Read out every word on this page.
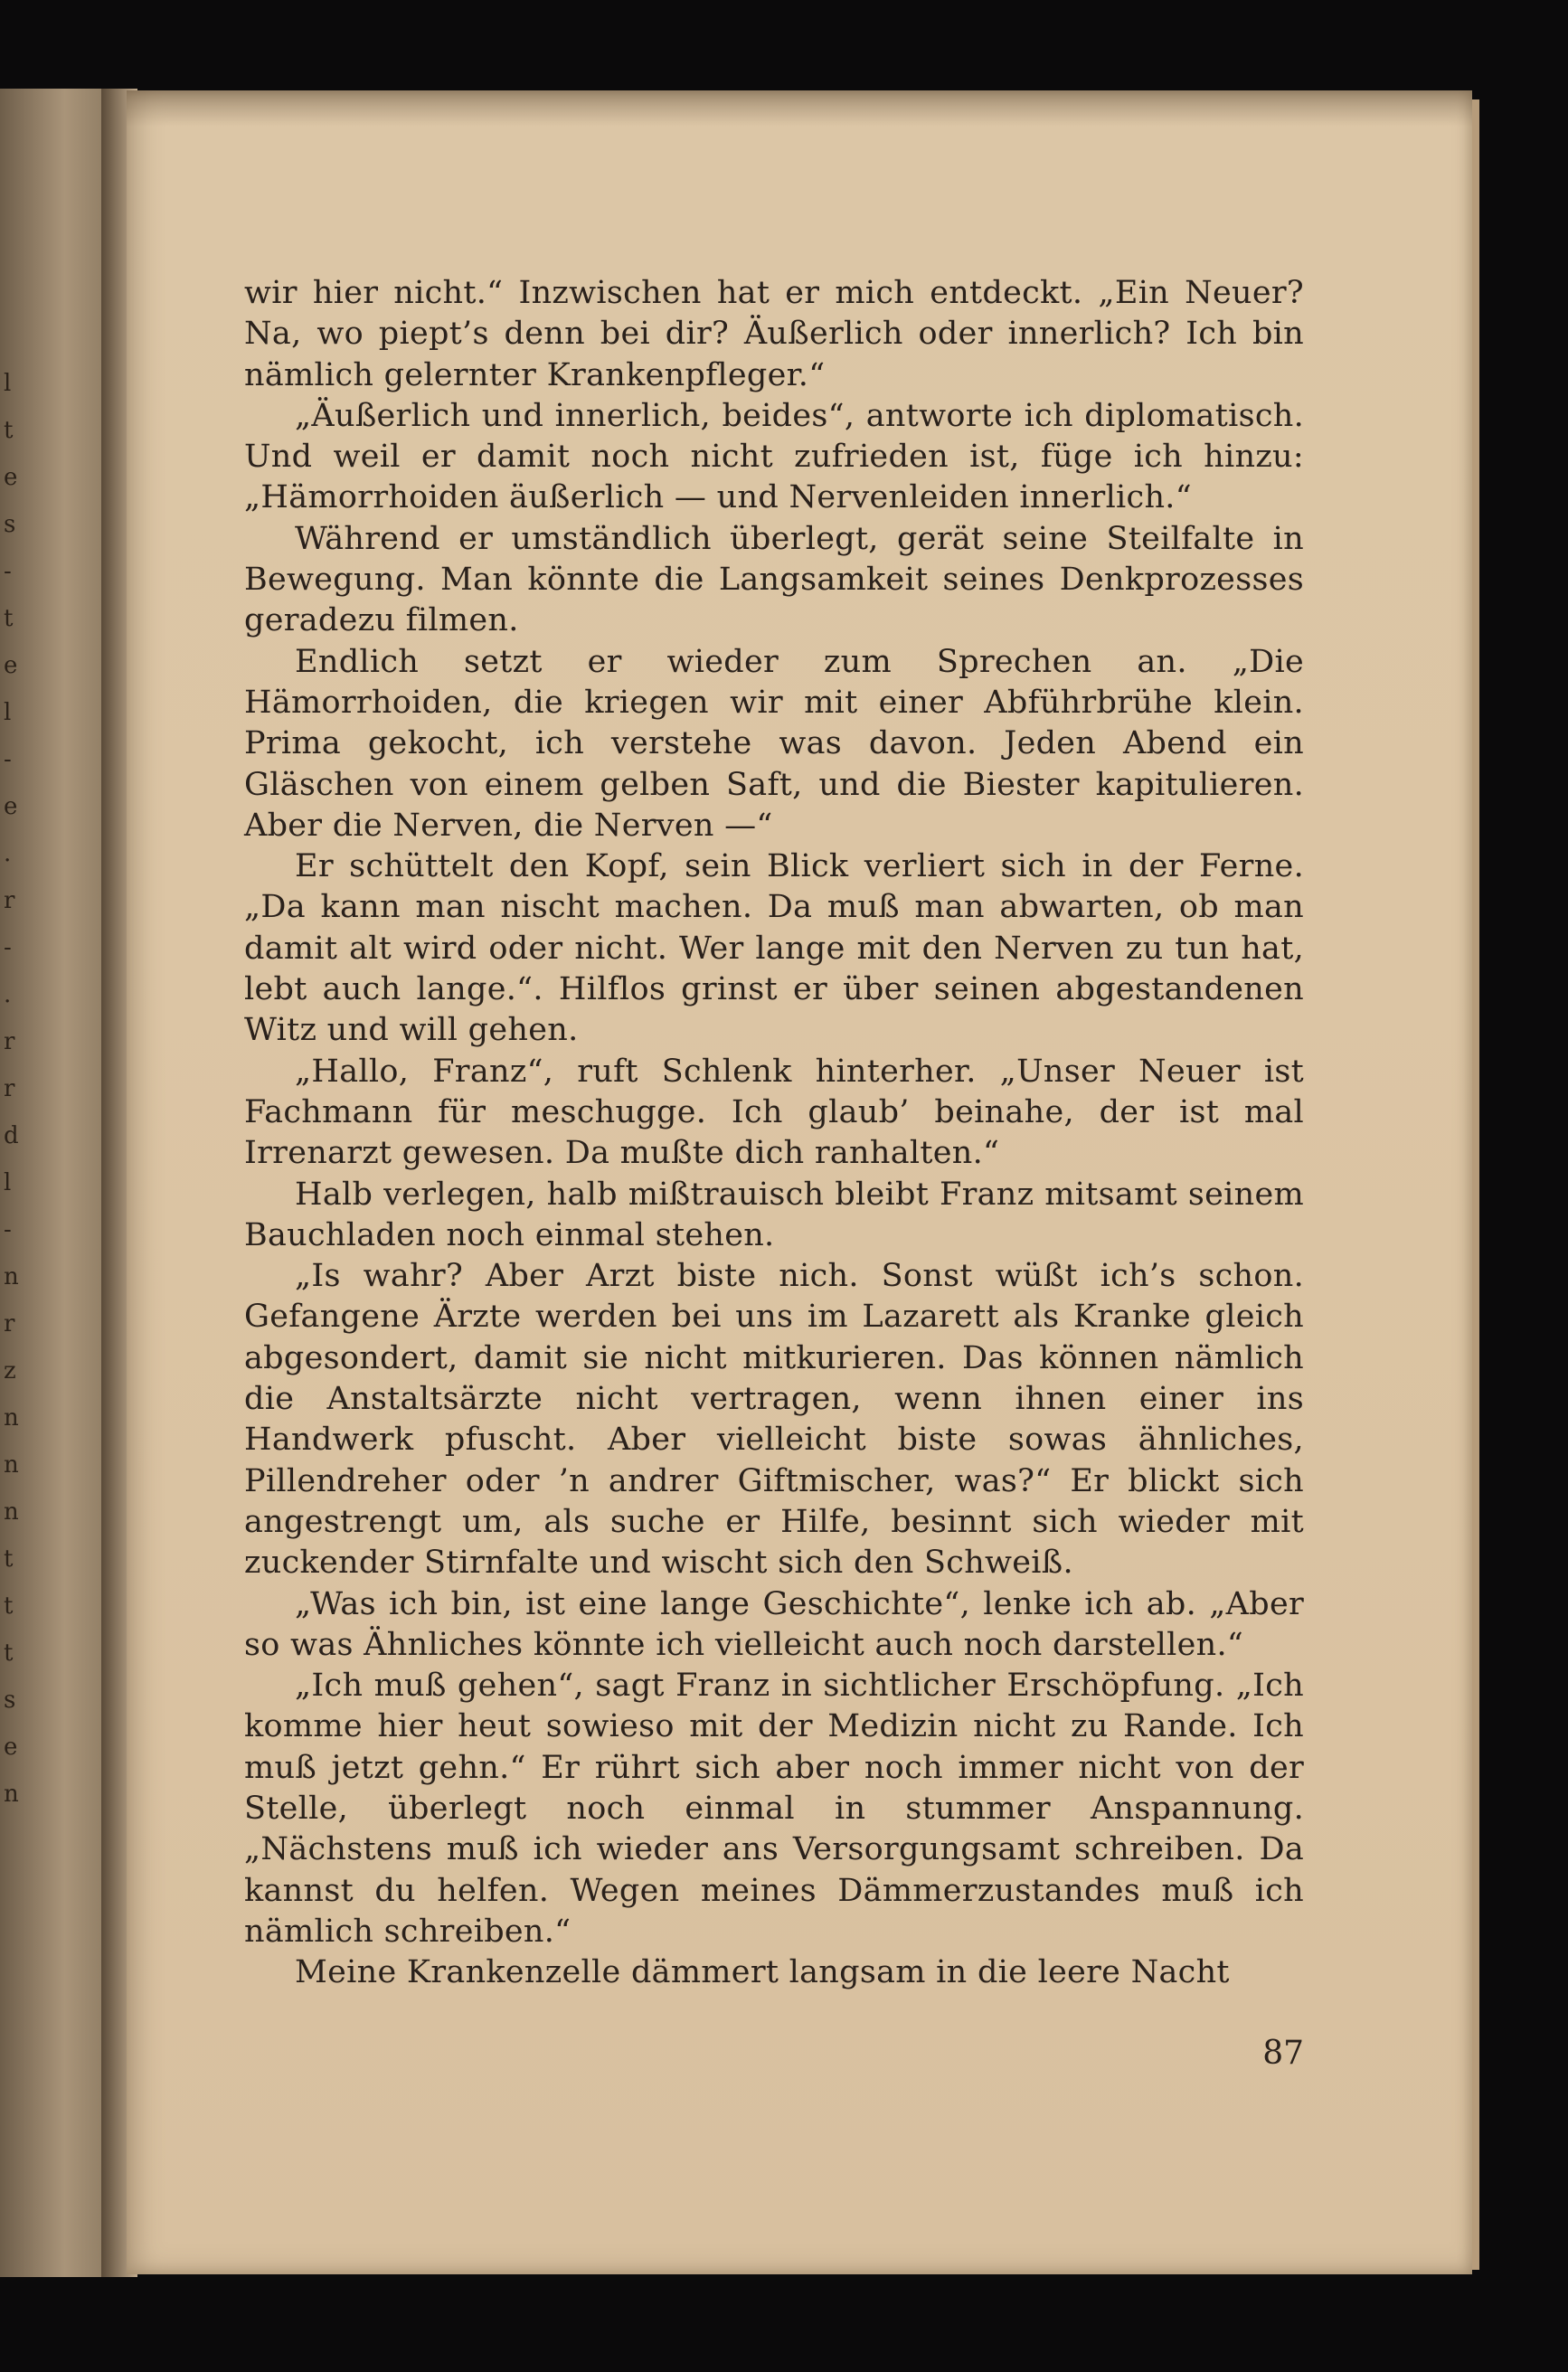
l
t
e
s
-
t
e
l
-
e
.
r
-
.
r
r
d
l
-
n
r
z
n
n
n
t
t
t
s
e
n

wir hier nicht.“ Inzwischen hat er mich entdeckt. „Ein Neuer? Na, wo piept’s denn bei dir? Äußerlich oder innerlich? Ich bin nämlich gelernter Krankenpfleger.“

„Äußerlich und innerlich, beides“, antworte ich diplomatisch. Und weil er damit noch nicht zufrieden ist, füge ich hinzu: „Hämorrhoiden äußerlich — und Nervenleiden innerlich.“

Während er umständlich überlegt, gerät seine Steilfalte in Bewegung. Man könnte die Langsamkeit seines Denkprozesses geradezu filmen.

Endlich setzt er wieder zum Sprechen an. „Die Hämorrhoiden, die kriegen wir mit einer Abführbrühe klein. Prima gekocht, ich verstehe was davon. Jeden Abend ein Gläschen von einem gelben Saft, und die Biester kapitulieren. Aber die Nerven, die Nerven —“

Er schüttelt den Kopf, sein Blick verliert sich in der Ferne. „Da kann man nischt machen. Da muß man abwarten, ob man damit alt wird oder nicht. Wer lange mit den Nerven zu tun hat, lebt auch lange.“. Hilflos grinst er über seinen abgestandenen Witz und will gehen.

„Hallo, Franz“, ruft Schlenk hinterher. „Unser Neuer ist Fachmann für meschugge. Ich glaub’ beinahe, der ist mal Irrenarzt gewesen. Da mußte dich ranhalten.“

Halb verlegen, halb mißtrauisch bleibt Franz mitsamt seinem Bauchladen noch einmal stehen.

„Is wahr? Aber Arzt biste nich. Sonst wüßt ich’s schon. Gefangene Ärzte werden bei uns im Lazarett als Kranke gleich abgesondert, damit sie nicht mitkurieren. Das können nämlich die Anstaltsärzte nicht vertragen, wenn ihnen einer ins Handwerk pfuscht. Aber vielleicht biste sowas ähnliches, Pillendreher oder ’n andrer Giftmischer, was?“ Er blickt sich angestrengt um, als suche er Hilfe, besinnt sich wieder mit zuckender Stirnfalte und wischt sich den Schweiß.

„Was ich bin, ist eine lange Geschichte“, lenke ich ab. „Aber so was Ähnliches könnte ich vielleicht auch noch darstellen.“

„Ich muß gehen“, sagt Franz in sichtlicher Erschöpfung. „Ich komme hier heut sowieso mit der Medizin nicht zu Rande. Ich muß jetzt gehn.“ Er rührt sich aber noch immer nicht von der Stelle, überlegt noch einmal in stummer Anspannung. „Nächstens muß ich wieder ans Versorgungsamt schreiben. Da kannst du helfen. Wegen meines Dämmerzustandes muß ich nämlich schreiben.“

Meine Krankenzelle dämmert langsam in die leere Nacht

87
